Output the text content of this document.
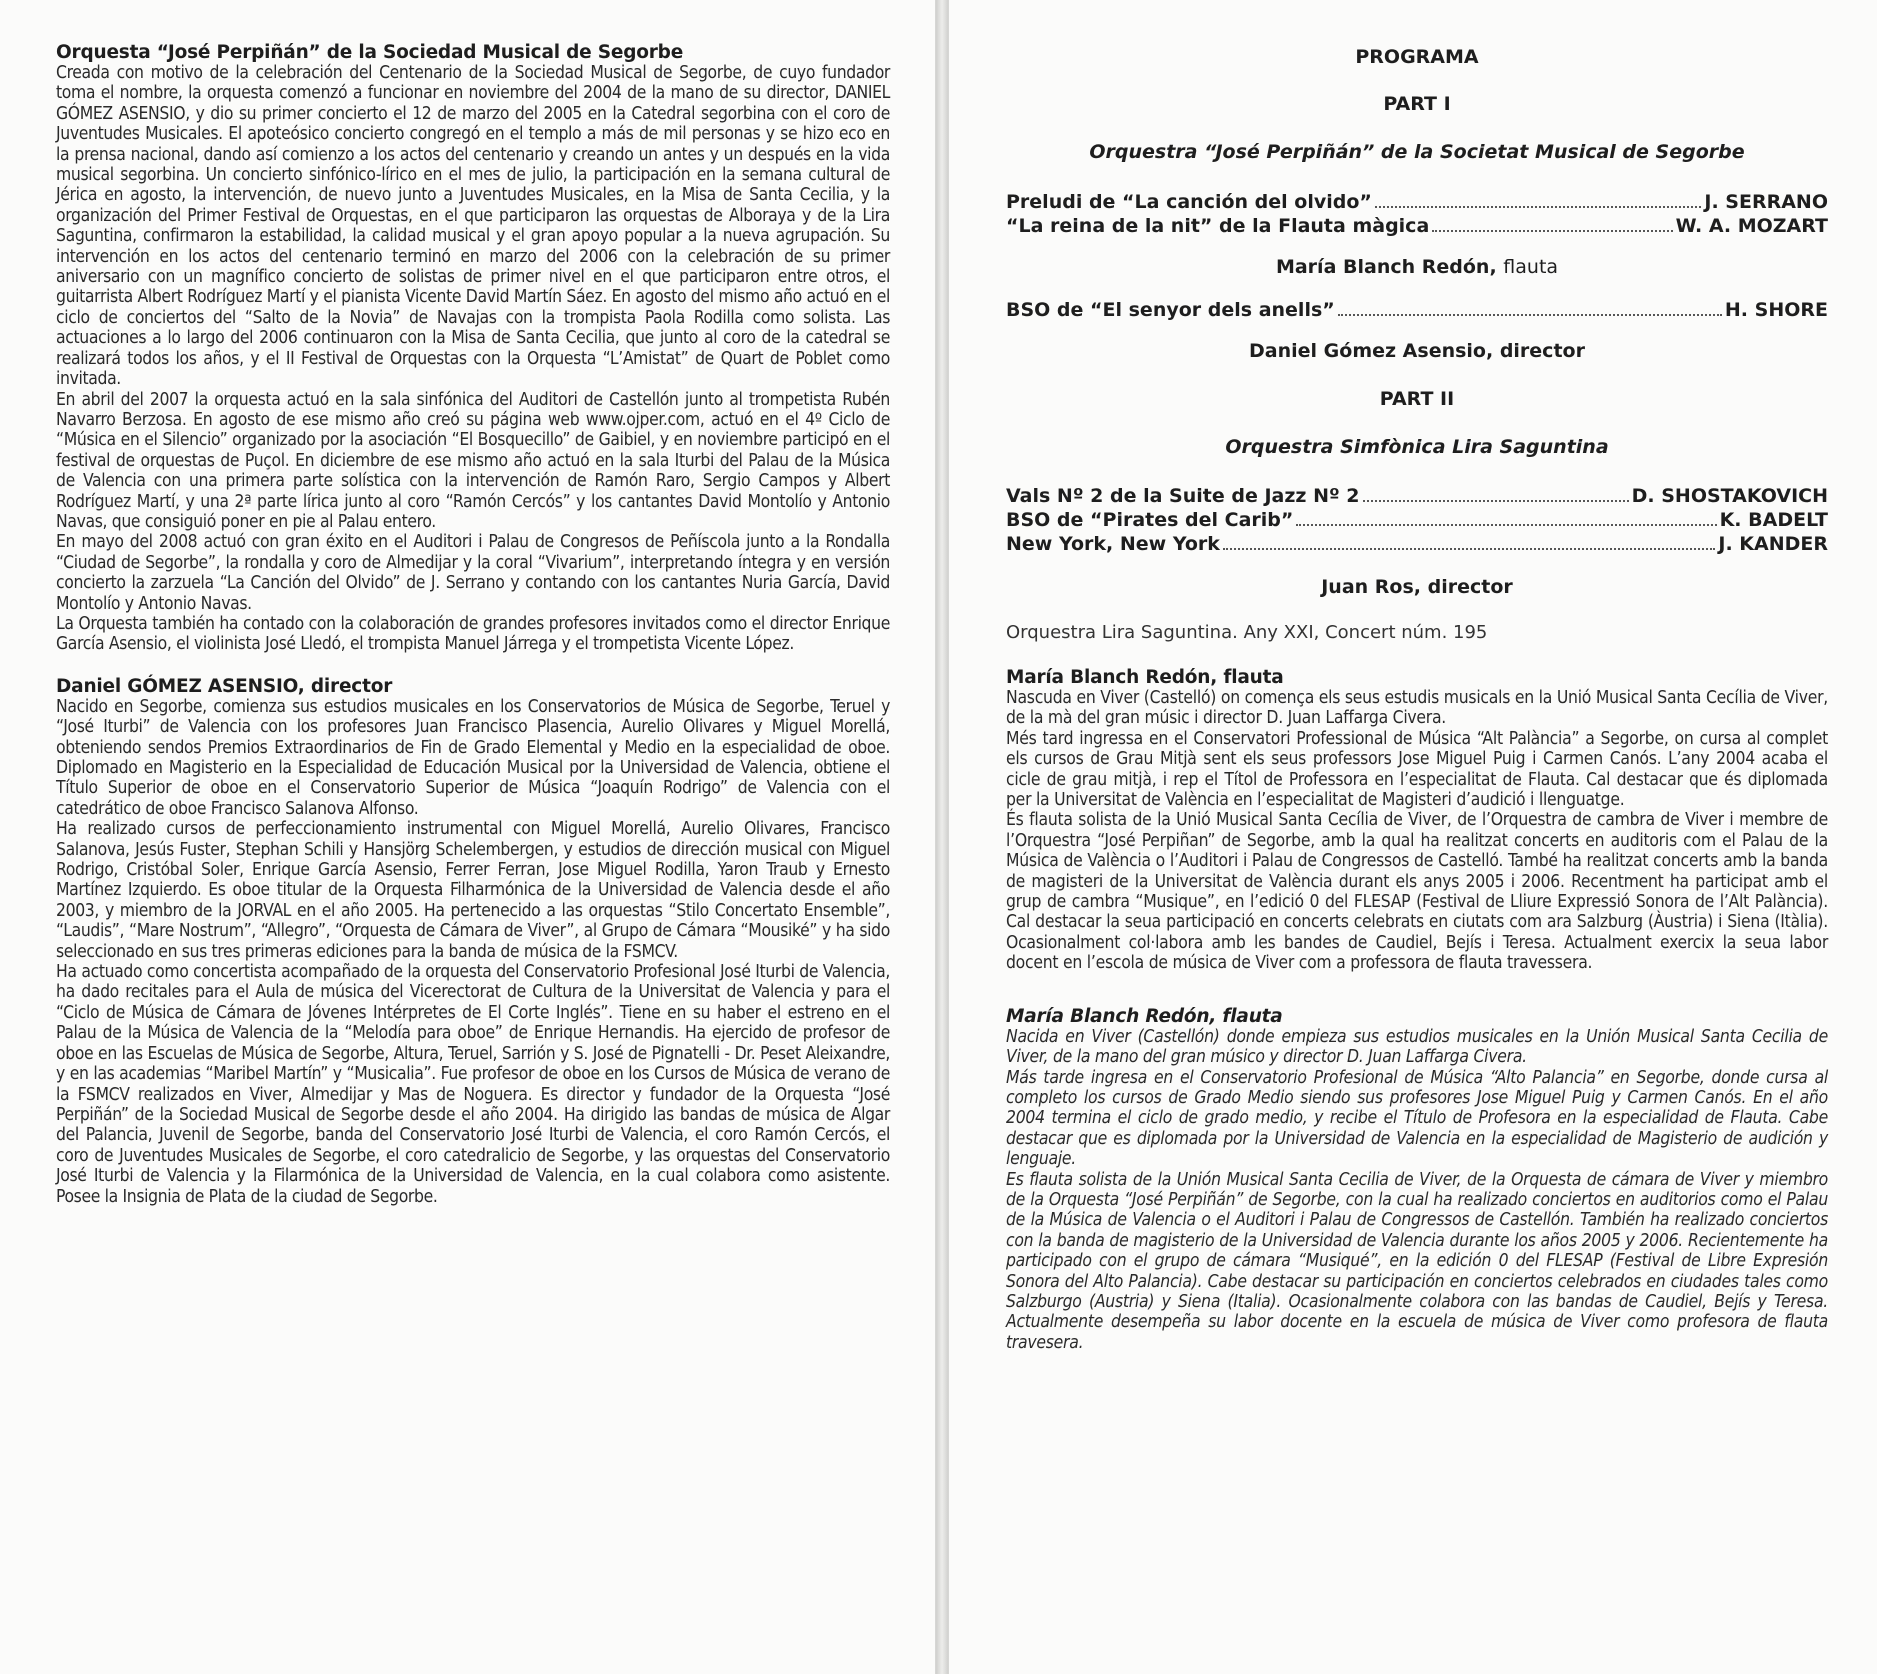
Orquesta “José Perpiñán” de la Sociedad Musical de Segorbe

Creada con motivo de la celebración del Centenario de la Sociedad Musical de Segorbe, de cuyo fundador toma el nombre, la orquesta comenzó a funcionar en noviembre del 2004 de la mano de su director, DANIEL GÓMEZ ASENSIO, y dio su primer concierto el 12 de marzo del 2005 en la Catedral segorbina con el coro de Juventudes Musicales. El apoteósico concierto congregó en el templo a más de mil personas y se hizo eco en la prensa nacional, dando así comienzo a los actos del centenario y creando un antes y un después en la vida musical segorbina. Un concierto sinfónico-lírico en el mes de julio, la participación en la semana cultural de Jérica en agosto, la intervención, de nuevo junto a Juventudes Musicales, en la Misa de Santa Cecilia, y la organización del Primer Festival de Orquestas, en el que participaron las orquestas de Alboraya y de la Lira Saguntina, confirmaron la estabilidad, la calidad musical y el gran apoyo popular a la nueva agrupación. Su intervención en los actos del centenario terminó en marzo del 2006 con la celebración de su primer aniversario con un magnífico concierto de solistas de primer nivel en el que participaron entre otros, el guitarrista Albert Rodríguez Martí y el pianista Vicente David Martín Sáez. En agosto del mismo año actuó en el ciclo de conciertos del “Salto de la Novia” de Navajas con la trompista Paola Rodilla como solista. Las actuaciones a lo largo del 2006 continuaron con la Misa de Santa Cecilia, que junto al coro de la catedral se realizará todos los años, y el II Festival de Orquestas con la Orquesta “L’Amistat” de Quart de Poblet como invitada.

En abril del 2007 la orquesta actuó en la sala sinfónica del Auditori de Castellón junto al trompetista Rubén Navarro Berzosa. En agosto de ese mismo año creó su página web www.ojper.com, actuó en el 4º Ciclo de “Música en el Silencio” organizado por la asociación “El Bosquecillo” de Gaibiel, y en noviembre participó en el festival de orquestas de Puçol. En diciembre de ese mismo año actuó en la sala Iturbi del Palau de la Música de Valencia con una primera parte solística con la intervención de Ramón Raro, Sergio Campos y Albert Rodríguez Martí, y una 2ª parte lírica junto al coro “Ramón Cercós” y los cantantes David Montolío y Antonio Navas, que consiguió poner en pie al Palau entero.

En mayo del 2008 actuó con gran éxito en el Auditori i Palau de Congresos de Peñíscola junto a la Rondalla “Ciudad de Segorbe”, la rondalla y coro de Almedijar y la coral “Vivarium”, interpretando íntegra y en versión concierto la zarzuela “La Canción del Olvido” de J. Serrano y contando con los cantantes Nuria García, David Montolío y Antonio Navas.

La Orquesta también ha contado con la colaboración de grandes profesores invitados como el director Enrique García Asensio, el violinista José Lledó, el trompista Manuel Járrega y el trompetista Vicente López.

Daniel GÓMEZ ASENSIO, director

Nacido en Segorbe, comienza sus estudios musicales en los Conservatorios de Música de Segorbe, Teruel y “José Iturbi” de Valencia con los profesores Juan Francisco Plasencia, Aurelio Olivares y Miguel Morellá, obteniendo sendos Premios Extraordinarios de Fin de Grado Elemental y Medio en la especialidad de oboe. Diplomado en Magisterio en la Especialidad de Educación Musical por la Universidad de Valencia, obtiene el Título Superior de oboe en el Conservatorio Superior de Música “Joaquín Rodrigo” de Valencia con el catedrático de oboe Francisco Salanova Alfonso.

Ha realizado cursos de perfeccionamiento instrumental con Miguel Morellá, Aurelio Olivares, Francisco Salanova, Jesús Fuster, Stephan Schili y Hansjörg Schelembergen, y estudios de dirección musical con Miguel Rodrigo, Cristóbal Soler, Enrique García Asensio, Ferrer Ferran, Jose Miguel Rodilla, Yaron Traub y Ernesto Martínez Izquierdo. Es oboe titular de la Orquesta Filharmónica de la Universidad de Valencia desde el año 2003, y miembro de la JORVAL en el año 2005. Ha pertenecido a las orquestas “Stilo Concertato Ensemble”, “Laudis”, “Mare Nostrum”, “Allegro”, “Orquesta de Cámara de Viver”, al Grupo de Cámara “Mousiké” y ha sido seleccionado en sus tres primeras ediciones para la banda de música de la FSMCV.

Ha actuado como concertista acompañado de la orquesta del Conservatorio Profesional José Iturbi de Valencia, ha dado recitales para el Aula de música del Vicerectorat de Cultura de la Universitat de Valencia y para el “Ciclo de Música de Cámara de Jóvenes Intérpretes de El Corte Inglés”. Tiene en su haber el estreno en el Palau de la Música de Valencia de la “Melodía para oboe” de Enrique Hernandis. Ha ejercido de profesor de oboe en las Escuelas de Música de Segorbe, Altura, Teruel, Sarrión y S. José de Pignatelli - Dr. Peset Aleixandre, y en las academias “Maribel Martín” y “Musicalia”. Fue profesor de oboe en los Cursos de Música de verano de la FSMCV realizados en Viver, Almedijar y Mas de Noguera. Es director y fundador de la Orquesta “José Perpiñán” de la Sociedad Musical de Segorbe desde el año 2004. Ha dirigido las bandas de música de Algar del Palancia, Juvenil de Segorbe, banda del Conservatorio José Iturbi de Valencia, el coro Ramón Cercós, el coro de Juventudes Musicales de Segorbe, el coro catedralicio de Segorbe, y las orquestas del Conservatorio José Iturbi de Valencia y la Filarmónica de la Universidad de Valencia, en la cual colabora como asistente. Posee la Insignia de Plata de la ciudad de Segorbe.

PROGRAMA

PART I

Orquestra “José Perpiñán” de la Societat Musical de Segorbe

Preludi de “La canción del olvido”	J. SERRANO
“La reina de la nit” de la Flauta màgica	W. A. MOZART

María Blanch Redón, flauta

BSO de “El senyor dels anells”	H. SHORE

Daniel Gómez Asensio, director

PART II

Orquestra Simfònica Lira Saguntina

Vals Nº 2 de la Suite de Jazz Nº 2	D. SHOSTAKOVICH
BSO de “Pirates del Carib”	K. BADELT
New York, New York	J. KANDER

Juan Ros, director

Orquestra Lira Saguntina. Any XXI, Concert núm. 195

María Blanch Redón, flauta

Nascuda en Viver (Castelló) on comença els seus estudis musicals en la Unió Musical Santa Cecília de Viver, de la mà del gran músic i director D. Juan Laffarga Civera.

Més tard ingressa en el Conservatori Professional de Música “Alt Palància” a Segorbe, on cursa al complet els cursos de Grau Mitjà sent els seus professors Jose Miguel Puig i Carmen Canós. L’any 2004 acaba el cicle de grau mitjà, i rep el Títol de Professora en l’especialitat de Flauta. Cal destacar que és diplomada per la Universitat de València en l’especialitat de Magisteri d’audició i llenguatge.

És flauta solista de la Unió Musical Santa Cecília de Viver, de l’Orquestra de cambra de Viver i membre de l’Orquestra “José Perpiñan” de Segorbe, amb la qual ha realitzat concerts en auditoris com el Palau de la Música de València o l’Auditori i Palau de Congressos de Castelló. També ha realitzat concerts amb la banda de magisteri de la Universitat de València durant els anys 2005 i 2006. Recentment ha participat amb el grup de cambra “Musique”, en l’edició 0 del FLESAP (Festival de Lliure Expressió Sonora de l’Alt Palància). Cal destacar la seua participació en concerts celebrats en ciutats com ara Salzburg (Àustria) i Siena (Itàlia). Ocasionalment col·labora amb les bandes de Caudiel, Bejís i Teresa. Actualment exercix la seua labor docent en l’escola de música de Viver com a professora de flauta travessera.

María Blanch Redón, flauta

Nacida en Viver (Castellón) donde empieza sus estudios musicales en la Unión Musical Santa Cecilia de Viver, de la mano del gran músico y director D. Juan Laffarga Civera.

Más tarde ingresa en el Conservatorio Profesional de Música “Alto Palancia” en Segorbe, donde cursa al completo los cursos de Grado Medio siendo sus profesores Jose Miguel Puig y Carmen Canós. En el año 2004 termina el ciclo de grado medio, y recibe el Título de Profesora en la especialidad de Flauta. Cabe destacar que es diplomada por la Universidad de Valencia en la especialidad de Magisterio de audición y lenguaje.

Es flauta solista de la Unión Musical Santa Cecilia de Viver, de la Orquesta de cámara de Viver y miembro de la Orquesta “José Perpiñán” de Segorbe, con la cual ha realizado conciertos en auditorios como el Palau de la Música de Valencia o el Auditori i Palau de Congressos de Castellón. También ha realizado conciertos con la banda de magisterio de la Universidad de Valencia durante los años 2005 y 2006. Recientemente ha participado con el grupo de cámara “Musiqué”, en la edición 0 del FLESAP (Festival de Libre Expresión Sonora del Alto Palancia). Cabe destacar su participación en conciertos celebrados en ciudades tales como Salzburgo (Austria) y Siena (Italia). Ocasionalmente colabora con las bandas de Caudiel, Bejís y Teresa. Actualmente desempeña su labor docente en la escuela de música de Viver como profesora de flauta travesera.
